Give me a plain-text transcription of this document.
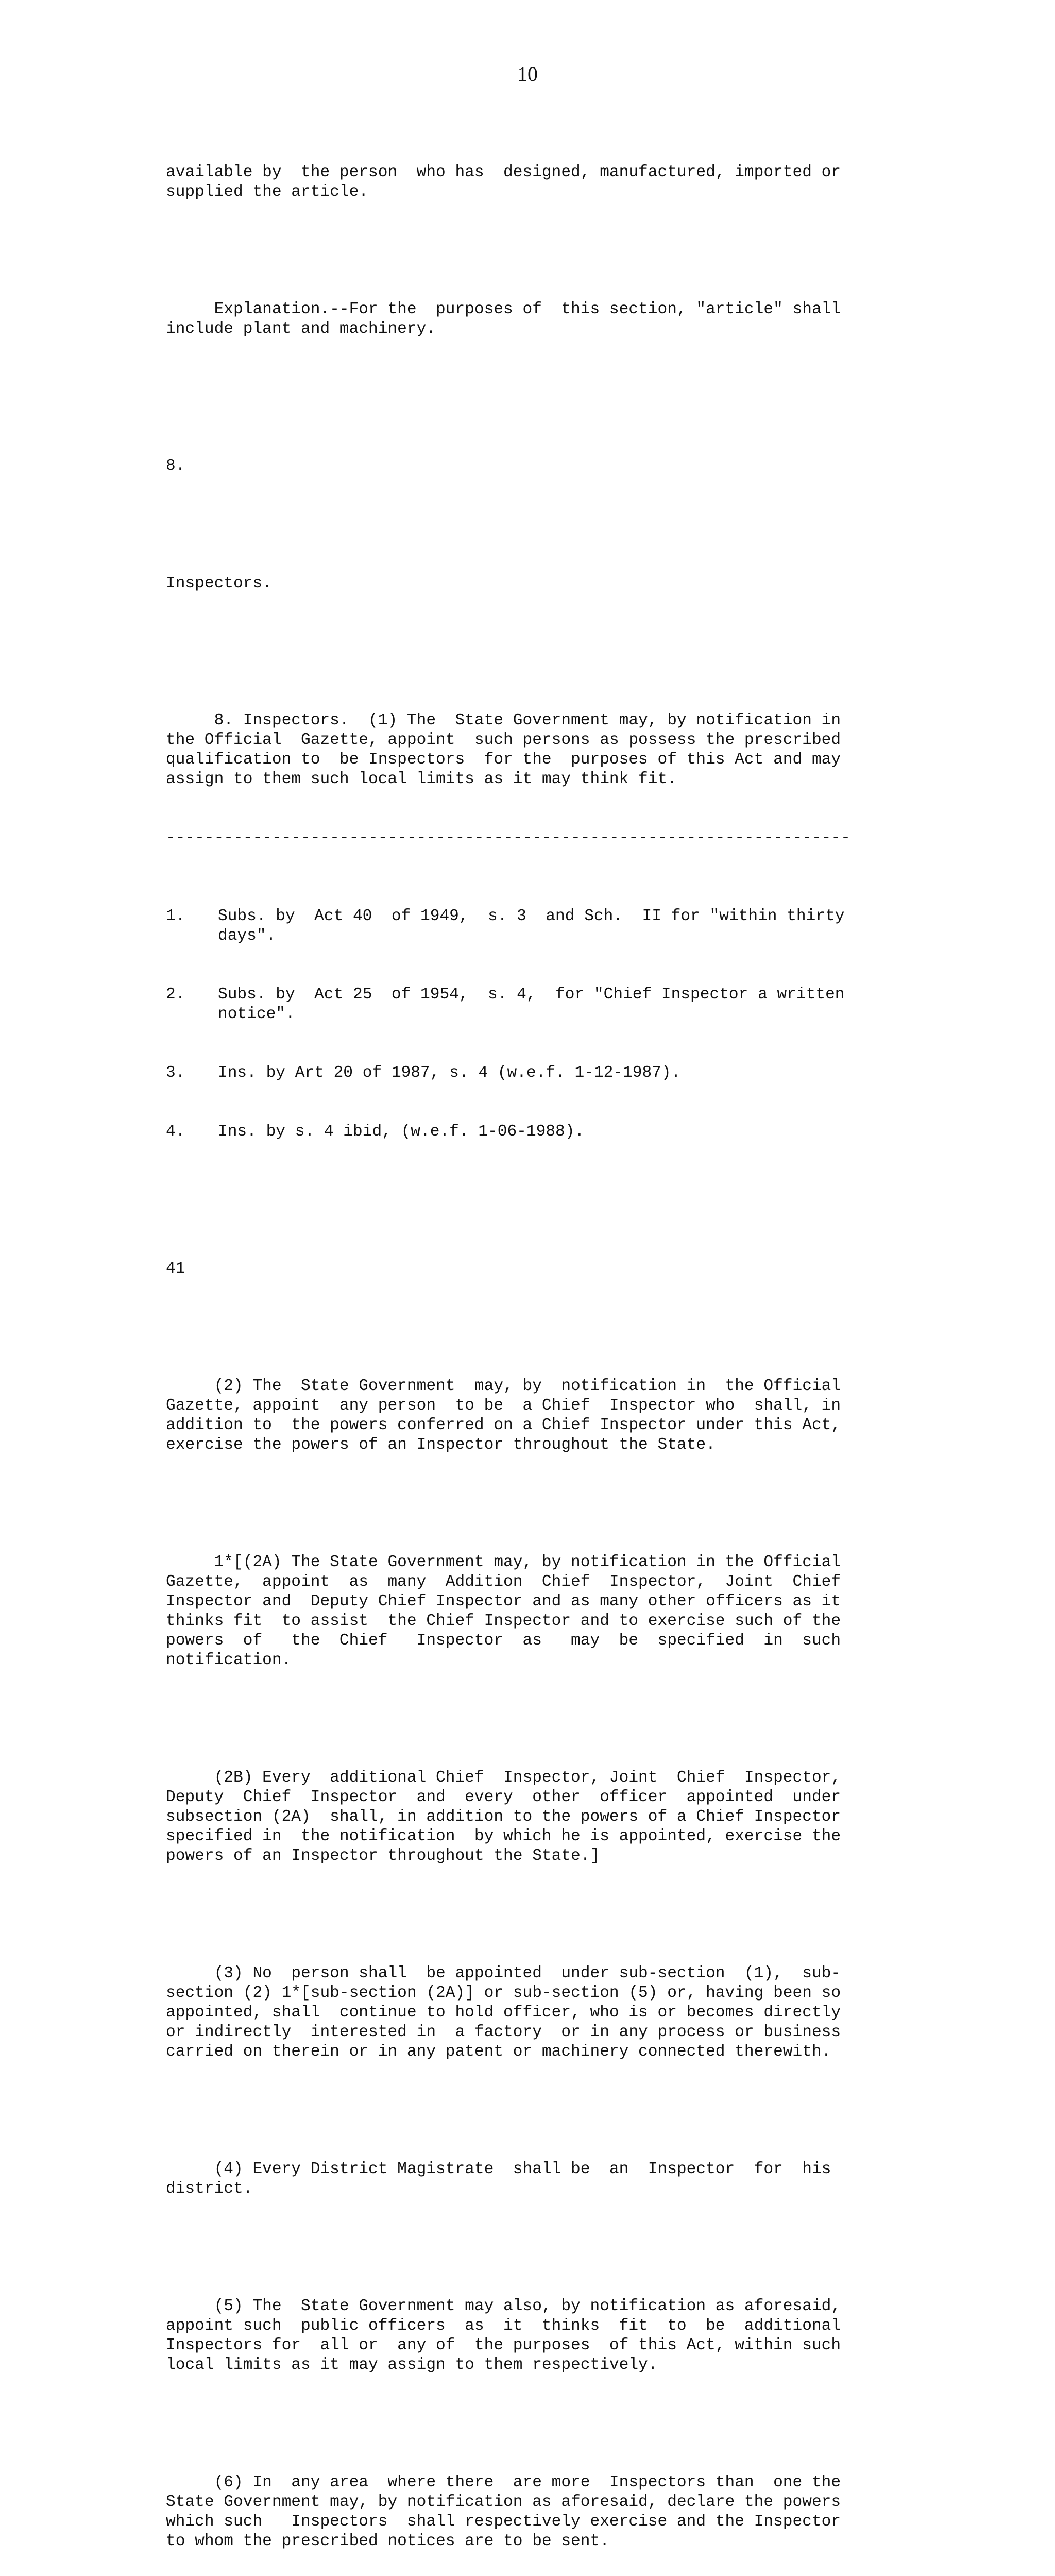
10

available by  the person  who has  designed, manufactured, imported or
supplied the article.

Explanation.--For the  purposes of  this section, "article" shall
include plant and machinery.

8.

Inspectors.

8. Inspectors.  (1) The  State Government may, by notification in
the Official  Gazette, appoint  such persons as possess the prescribed
qualification to  be Inspectors  for the  purposes of this Act and may
assign to them such local limits as it may think fit.

-----------------------------------------------------------------------

1.	Subs. by  Act 40  of 1949,  s. 3  and Sch.  II for "within thirty
days".

2.	Subs. by  Act 25  of 1954,  s. 4,  for "Chief Inspector a written
notice".

3.	Ins. by Art 20 of 1987, s. 4 (w.e.f. 1-12-1987).

4.	Ins. by s. 4 ibid, (w.e.f. 1-06-1988).

41

(2) The  State Government  may, by  notification in  the Official
Gazette, appoint  any person  to be  a Chief  Inspector who  shall, in
addition to  the powers conferred on a Chief Inspector under this Act,
exercise the powers of an Inspector throughout the State.

1*[(2A) The State Government may, by notification in the Official
Gazette,  appoint  as  many  Addition  Chief  Inspector,  Joint  Chief
Inspector and  Deputy Chief Inspector and as many other officers as it
thinks fit  to assist  the Chief Inspector and to exercise such of the
powers  of   the  Chief   Inspector  as   may  be  specified  in  such
notification.

(2B) Every  additional Chief  Inspector, Joint  Chief  Inspector,
Deputy  Chief  Inspector  and  every  other  officer  appointed  under
subsection (2A)  shall, in addition to the powers of a Chief Inspector
specified in  the notification  by which he is appointed, exercise the
powers of an Inspector throughout the State.]

(3) No  person shall  be appointed  under sub-section  (1),  sub-
section (2) 1*[sub-section (2A)] or sub-section (5) or, having been so
appointed, shall  continue to hold officer, who is or becomes directly
or indirectly  interested in  a factory  or in any process or business
carried on therein or in any patent or machinery connected therewith.

(4) Every District Magistrate  shall be  an  Inspector  for  his
district.

(5) The  State Government may also, by notification as aforesaid,
appoint such  public officers  as  it  thinks  fit  to  be  additional
Inspectors for  all or  any of  the purposes  of this Act, within such
local limits as it may assign to them respectively.

(6) In  any area  where there  are more  Inspectors than  one the
State Government may, by notification as aforesaid, declare the powers
which such   Inspectors  shall respectively exercise and the Inspector
to whom the prescribed notices are to be sent.
